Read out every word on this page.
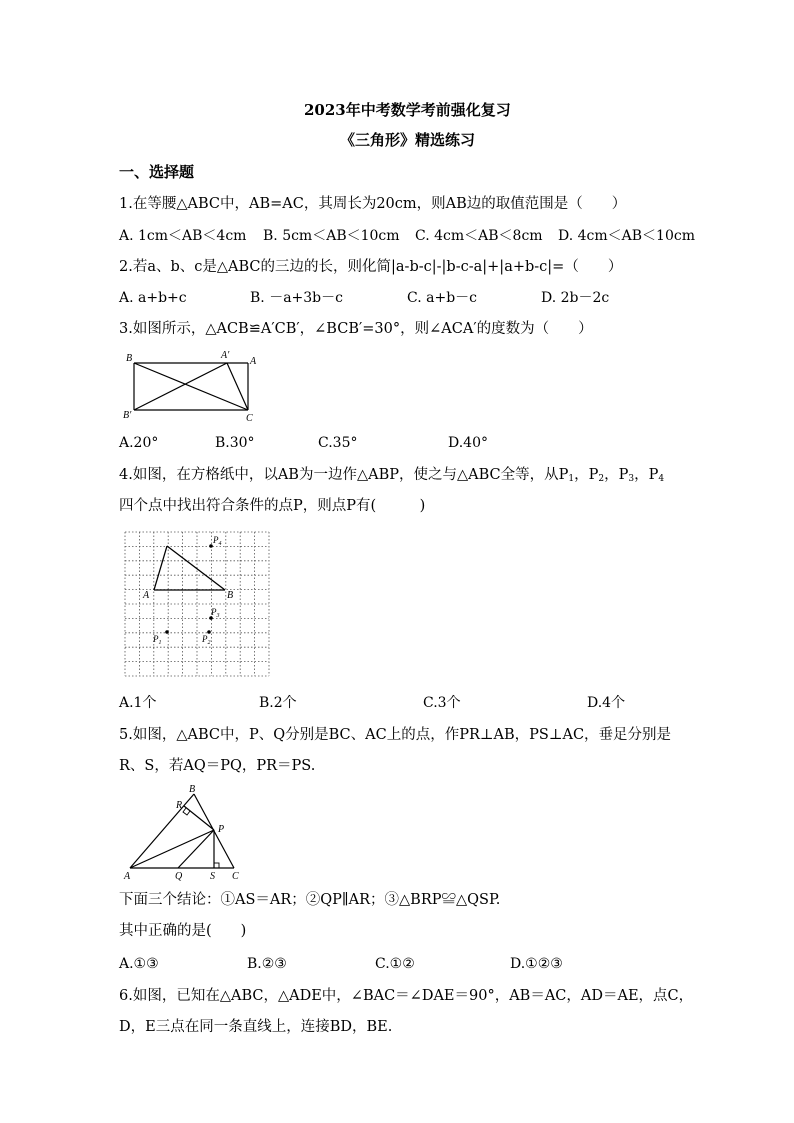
2023年中考数学考前强化复习
《三角形》精选练习
一、选择题
1.在等腰△ABC中，AB=AC，其周长为20cm，则AB边的取值范围是（　　）
A. 1cm＜AB＜4cm B. 5cm＜AB＜10cm C. 4cm＜AB＜8cm D. 4cm＜AB＜10cm
2.若a、b、c是△ABC的三边的长，则化简|a-b-c|-|b-c-a|+|a+b-c|=（　　）
A. a+b+c	B. －a+3b－c	C. a+b－c	D. 2b－2c
3.如图所示，△ACB≌A′CB′，∠BCB′=30°，则∠ACA′的度数为（　　）
B	A′
A
B′	C
A.20°	B.30°	C.35°	D.40°
4.如图，在方格纸中，以AB为一边作△ABP，使之与△ABC全等，从$P_1$，$P_2$，$P_3$，$P_4$
四个点中找出符合条件的点P，则点P有(　　　)
A	B
$P_4$
$P_3$
$P_2$
$P_1$
A.1个	B.2个	C.3个	D.4个
5.如图，△ABC中，P、Q分别是BC、AC上的点，作PR⊥AB，PS⊥AC，垂足分别是
R、S，若AQ＝PQ，PR＝PS.
B
R
P
A	Q	S C
下面三个结论：①AS＝AR；②QP∥AR；③△BRP≌△QSP.
其中正确的是(　　)
A.①③	B.②③	C.①②	D.①②③
6.如图，已知在△ABC，△ADE中，∠BAC＝∠DAE＝90°，AB＝AC，AD＝AE，点C，
D，E三点在同一条直线上，连接BD，BE.
